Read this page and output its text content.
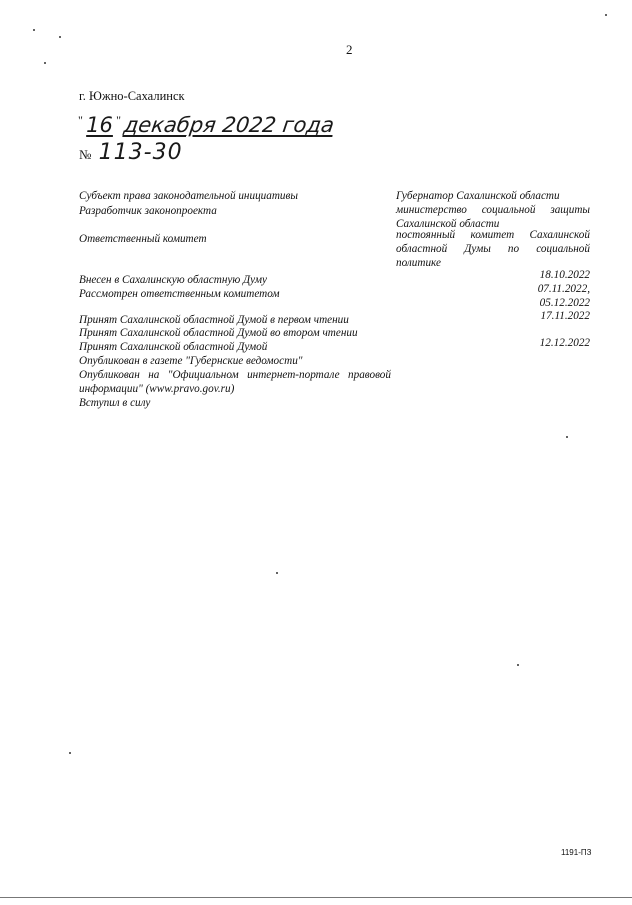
2
г. Южно-Сахалинск
" 16 " декабря 2022 года
№ 113-30
Субъект права законодательной инициативы	Губернатор Сахалинской области
Разработчик законопроекта	министерство социальной защиты
Сахалинской области
Ответственный комитет	постоянный комитет Сахалинской
областной Думы по социальной
политике
Внесен в Сахалинскую областную Думу	18.10.2022
Рассмотрен ответственным комитетом	07.11.2022,
05.12.2022
Принят Сахалинской областной Думой в первом чтении	17.11.2022
Принят Сахалинской областной Думой во втором чтении
Принят Сахалинской областной Думой	12.12.2022
Опубликован в газете "Губернские ведомости"
Опубликован на "Официальном интернет-портале правовой
информации" (www.pravo.gov.ru)
Вступил в силу
1191-ПЗ
